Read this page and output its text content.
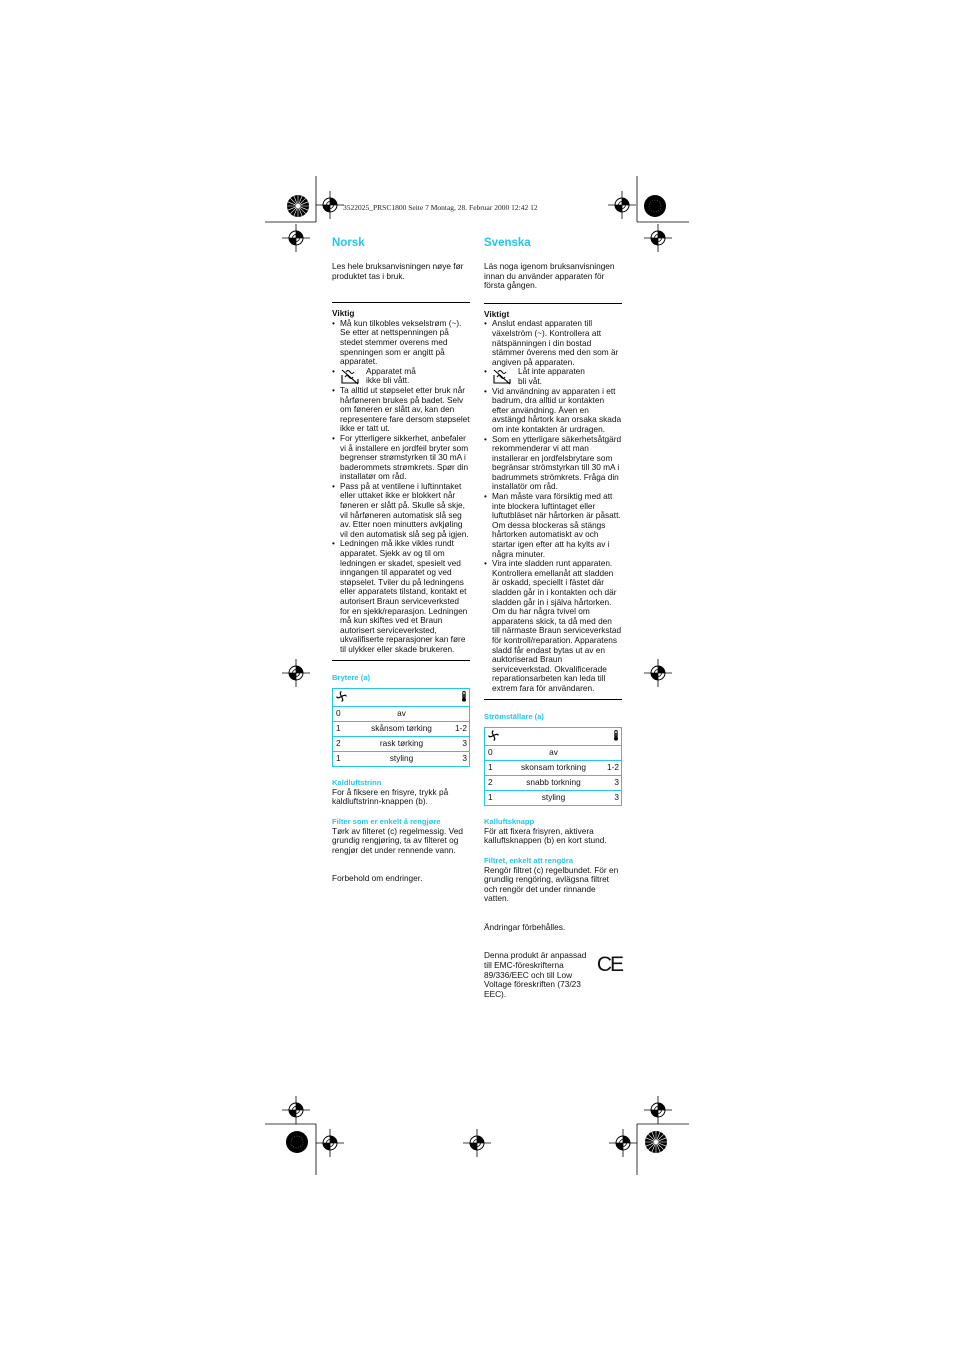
3522025_PRSC1800 Seite 7 Montag, 28. Februar 2000 12:42 12
Norsk
Les hele bruksanvisningen nøye før produktet tas i bruk.
Viktig
• Må kun tilkobles vekselstrøm (~). Se etter at nettspenningen på stedet stemmer overens med spenningen som er angitt på apparatet.
• Apparatet må ikke bli vått.
• Ta alltid ut støpselet etter bruk når hårføneren brukes på badet. Selv om føneren er slått av, kan den representere fare dersom støpselet ikke er tatt ut.
• For ytterligere sikkerhet, anbefaler vi å installere en jordfeil bryter som begrenser strømstyrken til 30 mA i baderommets strømkrets. Spør din installatør om råd.
• Pass på at ventilene i luftinntaket eller uttaket ikke er blokkert når føneren er slått på. Skulle så skje, vil hårføneren automatisk slå seg av. Etter noen minutters avkjøling vil den automatisk slå seg på igjen.
• Ledningen må ikke vikles rundt apparatet. Sjekk av og til om ledningen er skadet, spesielt ved inngangen til apparatet og ved støpselet. Tviler du på ledningens eller apparatets tilstand, kontakt et autorisert Braun serviceverksted for en sjekk/reparasjon. Ledningen må kun skiftes ved et Braun autorisert serviceverksted, ukvalifiserte reparasjoner kan føre til ulykker eller skade brukeren.
Brytere (a)

0	av	
1	skånsom tørking	1-2
2	rask tørking	3
1	styling	3
Kaldluftstrinn
For å fiksere en frisyre, trykk på kaldluftstrinn-knappen (b).
Filter som er enkelt å rengjøre
Tørk av filteret (c) regelmessig. Ved grundig rengjøring, ta av filteret og rengjør det under rennende vann.
Forbehold om endringer.
Svenska
Läs noga igenom bruksanvisningen innan du använder apparaten för första gången.
Viktigt
• Anslut endast apparaten till växelström (~). Kontrollera att nätspänningen i din bostad stämmer överens med den som är angiven på apparaten.
• Låt inte apparaten bli våt.
• Vid användning av apparaten i ett badrum, dra alltid ur kontakten efter användning. Även en avstängd hårtork kan orsaka skada om inte kontakten är urdragen.
• Som en ytterligare säkerhetsåtgärd rekommenderar vi att man installerar en jordfelsbrytare som begränsar strömstyrkan till 30 mA i badrummets strömkrets. Fråga din installatör om råd.
• Man måste vara försiktig med att inte blockera luftintaget eller luftutbläset när hårtorken är påsatt. Om dessa blockeras så stängs hårtorken automatiskt av och startar igen efter att ha kylts av i några minuter.
• Vira inte sladden runt apparaten. Kontrollera emellanåt att sladden är oskadd, speciellt i fästet där sladden går in i kontakten och där sladden går in i själva hårtorken. Om du har några tvivel om apparatens skick, ta då med den till närmaste Braun serviceverkstad för kontroll/reparation. Apparatens sladd får endast bytas ut av en auktoriserad Braun serviceverkstad. Okvalificerade reparationsarbeten kan leda till extrem fara för användaren.
Strömställare (a)

0	av	
1	skonsam torkning	1-2
2	snabb torkning	3
1	styling	3
Kalluftsknapp
För att fixera frisyren, aktivera kalluftsknappen (b) en kort stund.
Filtret, enkelt att rengöra
Rengör filtret (c) regelbundet. För en grundlig rengöring, avlägsna filtret och rengör det under rinnande vatten.
Ändringar förbehålles.
Denna produkt är anpassad till EMC-föreskrifterna 89/336/EEC och till Low Voltage föreskriften (73/23 EEC).
CE
